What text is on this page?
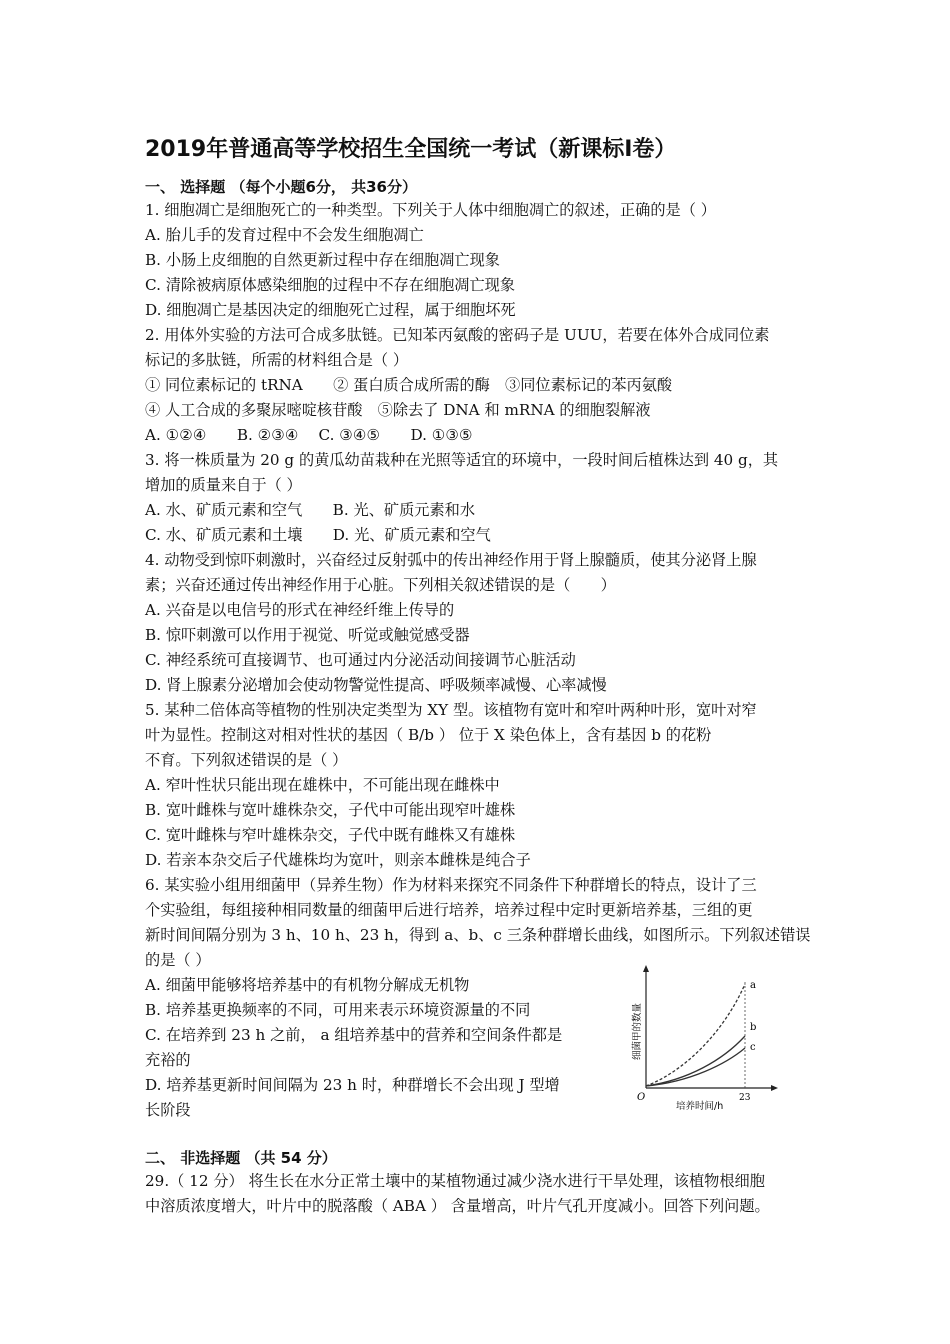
2019年普通高等学校招生全国统一考试（新课标Ⅰ卷）
一、 选择题 （每个小题6分， 共36分）
1. 细胞凋亡是细胞死亡的一种类型。下列关于人体中细胞凋亡的叙述，正确的是（ ）
A. 胎儿手的发育过程中不会发生细胞凋亡
B. 小肠上皮细胞的自然更新过程中存在细胞凋亡现象
C. 清除被病原体感染细胞的过程中不存在细胞凋亡现象
D. 细胞凋亡是基因决定的细胞死亡过程，属于细胞坏死
2. 用体外实验的方法可合成多肽链。已知苯丙氨酸的密码子是 UUU，若要在体外合成同位素
标记的多肽链，所需的材料组合是（ ）
① 同位素标记的 tRNA　　② 蛋白质合成所需的酶　③同位素标记的苯丙氨酸
④ 人工合成的多聚尿嘧啶核苷酸　⑤除去了 DNA 和 mRNA 的细胞裂解液
A. ①②④　　B. ②③④　 C. ③④⑤　　D. ①③⑤
3. 将一株质量为 20 g 的黄瓜幼苗栽种在光照等适宜的环境中，一段时间后植株达到 40 g，其
增加的质量来自于（ ）
A. 水、矿质元素和空气　　B. 光、矿质元素和水
C. 水、矿质元素和土壤　　D. 光、矿质元素和空气
4. 动物受到惊吓刺激时，兴奋经过反射弧中的传出神经作用于肾上腺髓质，使其分泌肾上腺
素；兴奋还通过传出神经作用于心脏。下列相关叙述错误的是（　　）
A. 兴奋是以电信号的形式在神经纤维上传导的
B. 惊吓刺激可以作用于视觉、听觉或触觉感受器
C. 神经系统可直接调节、也可通过内分泌活动间接调节心脏活动
D. 肾上腺素分泌增加会使动物警觉性提高、呼吸频率减慢、心率减慢
5. 某种二倍体高等植物的性别决定类型为 XY 型。该植物有宽叶和窄叶两种叶形，宽叶对窄
叶为显性。控制这对相对性状的基因（ B/b ） 位于 X 染色体上，含有基因 b 的花粉
不育。下列叙述错误的是（ ）
A. 窄叶性状只能出现在雄株中，不可能出现在雌株中
B. 宽叶雌株与宽叶雄株杂交，子代中可能出现窄叶雄株
C. 宽叶雌株与窄叶雄株杂交，子代中既有雌株又有雄株
D. 若亲本杂交后子代雄株均为宽叶，则亲本雌株是纯合子
6. 某实验小组用细菌甲（异养生物）作为材料来探究不同条件下种群增长的特点，设计了三
个实验组，每组接种相同数量的细菌甲后进行培养，培养过程中定时更新培养基，三组的更
新时间间隔分别为 3 h、10 h、23 h，得到 a、b、c 三条种群增长曲线，如图所示。下列叙述错误
的是（ ）
A. 细菌甲能够将培养基中的有机物分解成无机物
B. 培养基更换频率的不同，可用来表示环境资源量的不同
C. 在培养到 23 h 之前， a 组培养基中的营养和空间条件都是
充裕的
D. 培养基更新时间间隔为 23 h 时，种群增长不会出现 J 型增
长阶段
a
b
c
O	23
培养时间/h
细菌甲的数量
二、 非选择题 （共 54 分）
29.（ 12 分） 将生长在水分正常土壤中的某植物通过减少浇水进行干旱处理，该植物根细胞
中溶质浓度增大，叶片中的脱落酸（ ABA ） 含量增高，叶片气孔开度减小。回答下列问题。
